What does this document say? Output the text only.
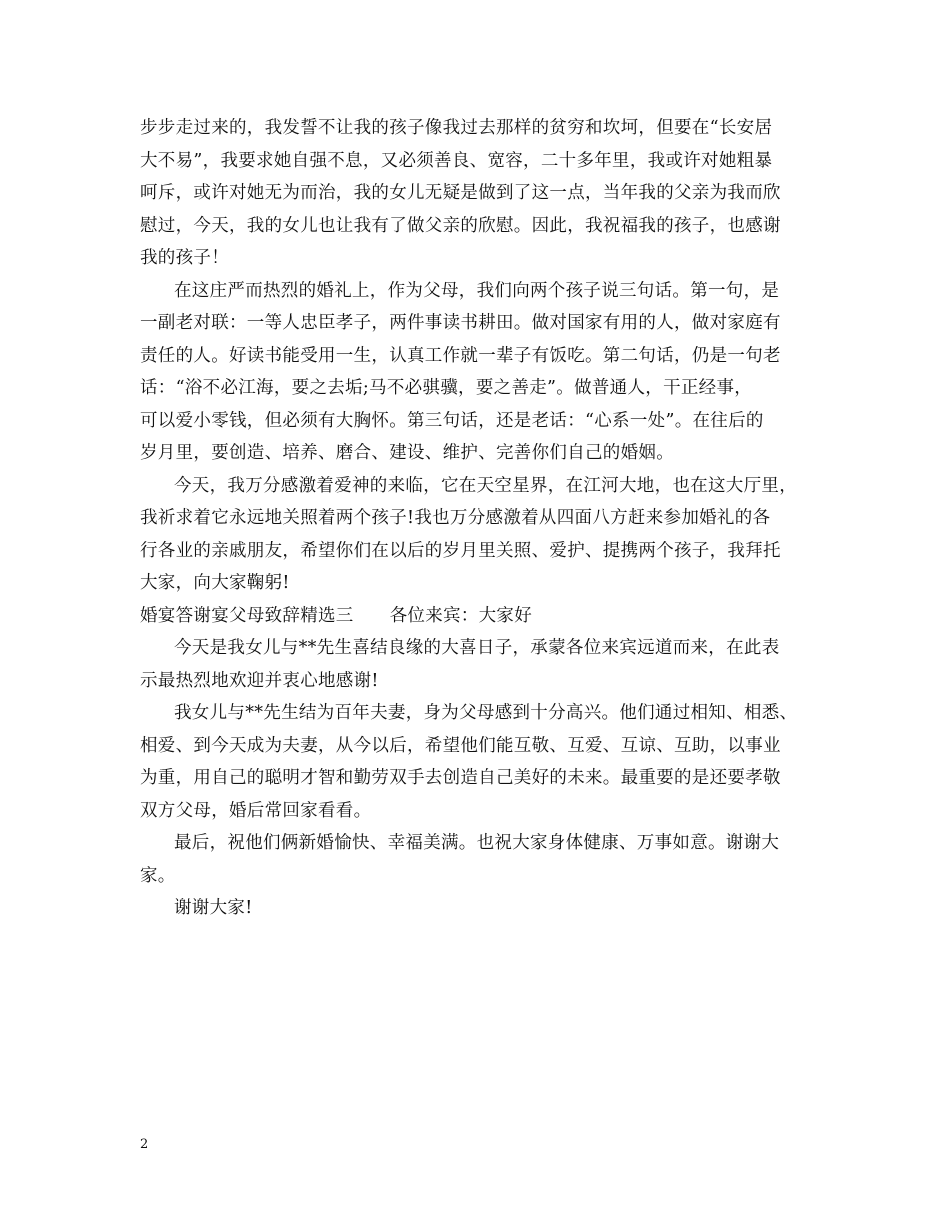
步步走过来的，我发誓不让我的孩子像我过去那样的贫穷和坎坷，但要在“长安居
大不易”，我要求她自强不息，又必须善良、宽容，二十多年里，我或许对她粗暴
呵斥，或许对她无为而治，我的女儿无疑是做到了这一点，当年我的父亲为我而欣
慰过，今天，我的女儿也让我有了做父亲的欣慰。因此，我祝福我的孩子，也感谢
我的孩子！
在这庄严而热烈的婚礼上，作为父母，我们向两个孩子说三句话。第一句，是
一副老对联：一等人忠臣孝子，两件事读书耕田。做对国家有用的人，做对家庭有
责任的人。好读书能受用一生，认真工作就一辈子有饭吃。第二句话，仍是一句老
话：“浴不必江海，要之去垢;马不必骐骥，要之善走”。做普通人，干正经事，
可以爱小零钱，但必须有大胸怀。第三句话，还是老话：“心系一处”。在往后的
岁月里，要创造、培养、磨合、建设、维护、完善你们自己的婚姻。
今天，我万分感激着爱神的来临，它在天空星界，在江河大地，也在这大厅里，
我祈求着它永远地关照着两个孩子!我也万分感激着从四面八方赶来参加婚礼的各
行各业的亲戚朋友，希望你们在以后的岁月里关照、爱护、提携两个孩子，我拜托
大家，向大家鞠躬!
婚宴答谢宴父母致辞精选三 各位来宾：大家好
今天是我女儿与**先生喜结良缘的大喜日子，承蒙各位来宾远道而来，在此表
示最热烈地欢迎并衷心地感谢!
我女儿与**先生结为百年夫妻，身为父母感到十分高兴。他们通过相知、相悉、
相爱、到今天成为夫妻，从今以后，希望他们能互敬、互爱、互谅、互助，以事业
为重，用自己的聪明才智和勤劳双手去创造自己美好的未来。最重要的是还要孝敬
双方父母，婚后常回家看看。
最后，祝他们俩新婚愉快、幸福美满。也祝大家身体健康、万事如意。谢谢大
家。
谢谢大家!
2
